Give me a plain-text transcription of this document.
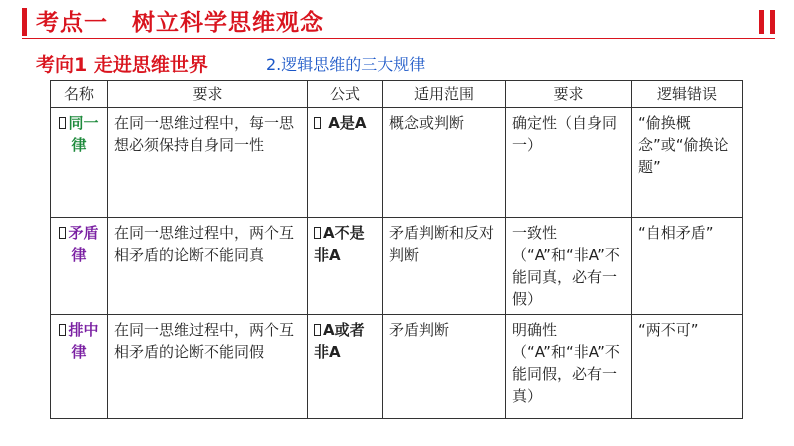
考点一　树立科学思维观念
考向1 走进思维世界	2.逻辑思维的三大规律
名称	要求	公式	适用范围	要求	逻辑错误
同一律	在同一思维过程中，每一思想必须保持自身同一性	A是A	概念或判断	确定性（自身同一）	“偷换概念”或“偷换论题”
矛盾律	在同一思维过程中，两个互相矛盾的论断不能同真	A不是非A	矛盾判断和反对判断	一致性（“A”和“非A”不能同真，必有一假）	“自相矛盾”
排中律	在同一思维过程中，两个互相矛盾的论断不能同假	A或者非A	矛盾判断	明确性（“A”和“非A”不能同假，必有一真）	“两不可”
